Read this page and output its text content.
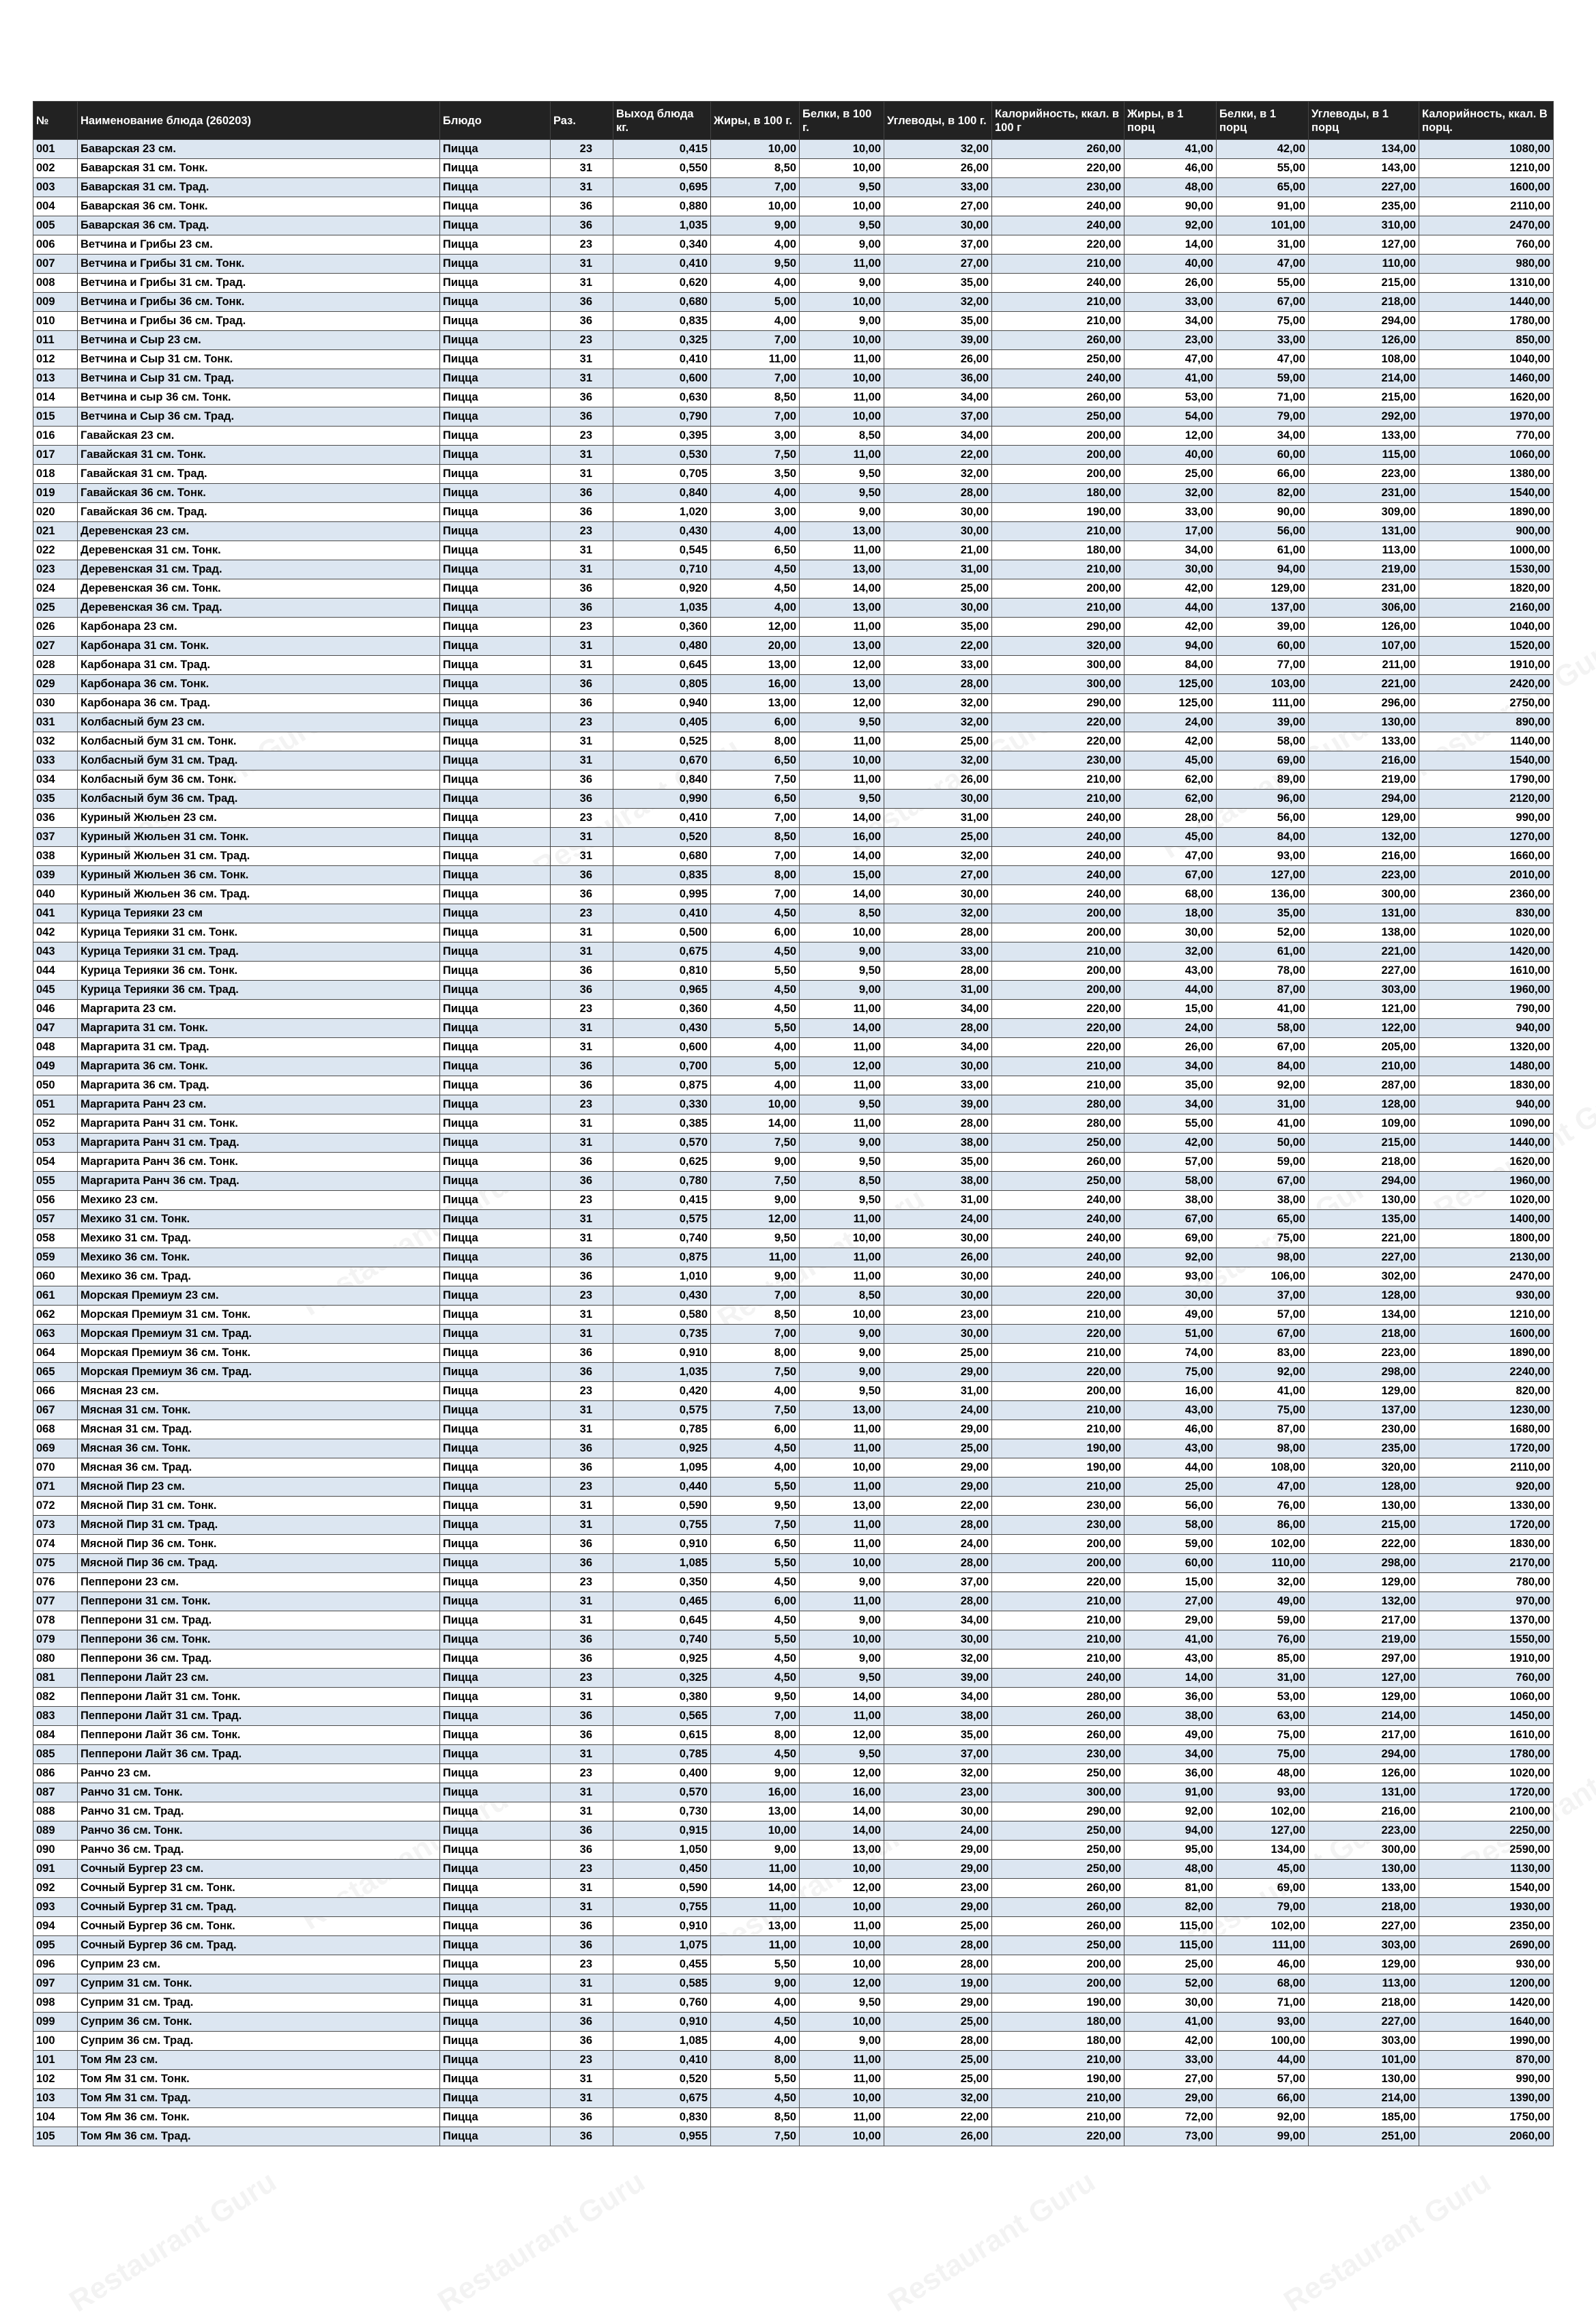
№	Наименование блюда (260203)	Блюдо	Раз.	Выход блюда кг.	Жиры, в 100 г.	Белки, в 100 г.	Углеводы, в 100 г.	Калорийность, ккал. в 100 г	Жиры, в 1 порц	Белки, в 1 порц	Углеводы, в 1 порц	Калорийность, ккал. В порц.
001	Баварская 23 см.	Пицца	23	0,415	10,00	10,00	32,00	260,00	41,00	42,00	134,00	1080,00
002	Баварская 31 см. Тонк.	Пицца	31	0,550	8,50	10,00	26,00	220,00	46,00	55,00	143,00	1210,00
003	Баварская 31 см. Трад.	Пицца	31	0,695	7,00	9,50	33,00	230,00	48,00	65,00	227,00	1600,00
004	Баварская 36 см. Тонк.	Пицца	36	0,880	10,00	10,00	27,00	240,00	90,00	91,00	235,00	2110,00
005	Баварская 36 см. Трад.	Пицца	36	1,035	9,00	9,50	30,00	240,00	92,00	101,00	310,00	2470,00
006	Ветчина и Грибы 23 см.	Пицца	23	0,340	4,00	9,00	37,00	220,00	14,00	31,00	127,00	760,00
007	Ветчина и Грибы 31 см. Тонк.	Пицца	31	0,410	9,50	11,00	27,00	210,00	40,00	47,00	110,00	980,00
008	Ветчина и Грибы 31 см. Трад.	Пицца	31	0,620	4,00	9,00	35,00	240,00	26,00	55,00	215,00	1310,00
009	Ветчина и Грибы 36 см. Тонк.	Пицца	36	0,680	5,00	10,00	32,00	210,00	33,00	67,00	218,00	1440,00
010	Ветчина и Грибы 36 см. Трад.	Пицца	36	0,835	4,00	9,00	35,00	210,00	34,00	75,00	294,00	1780,00
011	Ветчина и Сыр 23 см.	Пицца	23	0,325	7,00	10,00	39,00	260,00	23,00	33,00	126,00	850,00
012	Ветчина и Сыр 31 см. Тонк.	Пицца	31	0,410	11,00	11,00	26,00	250,00	47,00	47,00	108,00	1040,00
013	Ветчина и Сыр 31 см. Трад.	Пицца	31	0,600	7,00	10,00	36,00	240,00	41,00	59,00	214,00	1460,00
014	Ветчина и сыр 36 см. Тонк.	Пицца	36	0,630	8,50	11,00	34,00	260,00	53,00	71,00	215,00	1620,00
015	Ветчина и Сыр 36 см. Трад.	Пицца	36	0,790	7,00	10,00	37,00	250,00	54,00	79,00	292,00	1970,00
016	Гавайская 23 см.	Пицца	23	0,395	3,00	8,50	34,00	200,00	12,00	34,00	133,00	770,00
017	Гавайская 31 см. Тонк.	Пицца	31	0,530	7,50	11,00	22,00	200,00	40,00	60,00	115,00	1060,00
018	Гавайская 31 см. Трад.	Пицца	31	0,705	3,50	9,50	32,00	200,00	25,00	66,00	223,00	1380,00
019	Гавайская 36 см. Тонк.	Пицца	36	0,840	4,00	9,50	28,00	180,00	32,00	82,00	231,00	1540,00
020	Гавайская 36 см. Трад.	Пицца	36	1,020	3,00	9,00	30,00	190,00	33,00	90,00	309,00	1890,00
021	Деревенская 23 см.	Пицца	23	0,430	4,00	13,00	30,00	210,00	17,00	56,00	131,00	900,00
022	Деревенская 31 см. Тонк.	Пицца	31	0,545	6,50	11,00	21,00	180,00	34,00	61,00	113,00	1000,00
023	Деревенская 31 см. Трад.	Пицца	31	0,710	4,50	13,00	31,00	210,00	30,00	94,00	219,00	1530,00
024	Деревенская 36 см. Тонк.	Пицца	36	0,920	4,50	14,00	25,00	200,00	42,00	129,00	231,00	1820,00
025	Деревенская 36 см. Трад.	Пицца	36	1,035	4,00	13,00	30,00	210,00	44,00	137,00	306,00	2160,00
026	Карбонара 23 см.	Пицца	23	0,360	12,00	11,00	35,00	290,00	42,00	39,00	126,00	1040,00
027	Карбонара 31 см. Тонк.	Пицца	31	0,480	20,00	13,00	22,00	320,00	94,00	60,00	107,00	1520,00
028	Карбонара 31 см. Трад.	Пицца	31	0,645	13,00	12,00	33,00	300,00	84,00	77,00	211,00	1910,00
029	Карбонара 36 см. Тонк.	Пицца	36	0,805	16,00	13,00	28,00	300,00	125,00	103,00	221,00	2420,00
030	Карбонара 36 см. Трад.	Пицца	36	0,940	13,00	12,00	32,00	290,00	125,00	111,00	296,00	2750,00
031	Колбасный бум 23 см.	Пицца	23	0,405	6,00	9,50	32,00	220,00	24,00	39,00	130,00	890,00
032	Колбасный бум 31 см. Тонк.	Пицца	31	0,525	8,00	11,00	25,00	220,00	42,00	58,00	133,00	1140,00
033	Колбасный бум 31 см. Трад.	Пицца	31	0,670	6,50	10,00	32,00	230,00	45,00	69,00	216,00	1540,00
034	Колбасный бум 36 см. Тонк.	Пицца	36	0,840	7,50	11,00	26,00	210,00	62,00	89,00	219,00	1790,00
035	Колбасный бум 36 см. Трад.	Пицца	36	0,990	6,50	9,50	30,00	210,00	62,00	96,00	294,00	2120,00
036	Куриный Жюльен 23 см.	Пицца	23	0,410	7,00	14,00	31,00	240,00	28,00	56,00	129,00	990,00
037	Куриный Жюльен 31 см. Тонк.	Пицца	31	0,520	8,50	16,00	25,00	240,00	45,00	84,00	132,00	1270,00
038	Куриный Жюльен 31 см. Трад.	Пицца	31	0,680	7,00	14,00	32,00	240,00	47,00	93,00	216,00	1660,00
039	Куриный Жюльен 36 см. Тонк.	Пицца	36	0,835	8,00	15,00	27,00	240,00	67,00	127,00	223,00	2010,00
040	Куриный Жюльен 36 см. Трад.	Пицца	36	0,995	7,00	14,00	30,00	240,00	68,00	136,00	300,00	2360,00
041	Курица Терияки 23 см	Пицца	23	0,410	4,50	8,50	32,00	200,00	18,00	35,00	131,00	830,00
042	Курица Терияки 31 см. Тонк.	Пицца	31	0,500	6,00	10,00	28,00	200,00	30,00	52,00	138,00	1020,00
043	Курица Терияки 31 см. Трад.	Пицца	31	0,675	4,50	9,00	33,00	210,00	32,00	61,00	221,00	1420,00
044	Курица Терияки 36 см. Тонк.	Пицца	36	0,810	5,50	9,50	28,00	200,00	43,00	78,00	227,00	1610,00
045	Курица Терияки 36 см. Трад.	Пицца	36	0,965	4,50	9,00	31,00	200,00	44,00	87,00	303,00	1960,00
046	Маргарита 23 см.	Пицца	23	0,360	4,50	11,00	34,00	220,00	15,00	41,00	121,00	790,00
047	Маргарита 31 см. Тонк.	Пицца	31	0,430	5,50	14,00	28,00	220,00	24,00	58,00	122,00	940,00
048	Маргарита 31 см. Трад.	Пицца	31	0,600	4,00	11,00	34,00	220,00	26,00	67,00	205,00	1320,00
049	Маргарита 36 см. Тонк.	Пицца	36	0,700	5,00	12,00	30,00	210,00	34,00	84,00	210,00	1480,00
050	Маргарита 36 см. Трад.	Пицца	36	0,875	4,00	11,00	33,00	210,00	35,00	92,00	287,00	1830,00
051	Маргарита Ранч 23 см.	Пицца	23	0,330	10,00	9,50	39,00	280,00	34,00	31,00	128,00	940,00
052	Маргарита Ранч 31 см. Тонк.	Пицца	31	0,385	14,00	11,00	28,00	280,00	55,00	41,00	109,00	1090,00
053	Маргарита Ранч 31 см. Трад.	Пицца	31	0,570	7,50	9,00	38,00	250,00	42,00	50,00	215,00	1440,00
054	Маргарита Ранч 36 см. Тонк.	Пицца	36	0,625	9,00	9,50	35,00	260,00	57,00	59,00	218,00	1620,00
055	Маргарита Ранч 36 см. Трад.	Пицца	36	0,780	7,50	8,50	38,00	250,00	58,00	67,00	294,00	1960,00
056	Мехико 23 см.	Пицца	23	0,415	9,00	9,50	31,00	240,00	38,00	38,00	130,00	1020,00
057	Мехико 31 см. Тонк.	Пицца	31	0,575	12,00	11,00	24,00	240,00	67,00	65,00	135,00	1400,00
058	Мехико 31 см. Трад.	Пицца	31	0,740	9,50	10,00	30,00	240,00	69,00	75,00	221,00	1800,00
059	Мехико 36 см. Тонк.	Пицца	36	0,875	11,00	11,00	26,00	240,00	92,00	98,00	227,00	2130,00
060	Мехико 36 см. Трад.	Пицца	36	1,010	9,00	11,00	30,00	240,00	93,00	106,00	302,00	2470,00
061	Морская Премиум 23 см.	Пицца	23	0,430	7,00	8,50	30,00	220,00	30,00	37,00	128,00	930,00
062	Морская Премиум 31 см. Тонк.	Пицца	31	0,580	8,50	10,00	23,00	210,00	49,00	57,00	134,00	1210,00
063	Морская Премиум 31 см. Трад.	Пицца	31	0,735	7,00	9,00	30,00	220,00	51,00	67,00	218,00	1600,00
064	Морская Премиум 36 см. Тонк.	Пицца	36	0,910	8,00	9,00	25,00	210,00	74,00	83,00	223,00	1890,00
065	Морская Премиум 36 см. Трад.	Пицца	36	1,035	7,50	9,00	29,00	220,00	75,00	92,00	298,00	2240,00
066	Мясная 23 см.	Пицца	23	0,420	4,00	9,50	31,00	200,00	16,00	41,00	129,00	820,00
067	Мясная 31 см. Тонк.	Пицца	31	0,575	7,50	13,00	24,00	210,00	43,00	75,00	137,00	1230,00
068	Мясная 31 см. Трад.	Пицца	31	0,785	6,00	11,00	29,00	210,00	46,00	87,00	230,00	1680,00
069	Мясная 36 см. Тонк.	Пицца	36	0,925	4,50	11,00	25,00	190,00	43,00	98,00	235,00	1720,00
070	Мясная 36 см. Трад.	Пицца	36	1,095	4,00	10,00	29,00	190,00	44,00	108,00	320,00	2110,00
071	Мясной Пир 23 см.	Пицца	23	0,440	5,50	11,00	29,00	210,00	25,00	47,00	128,00	920,00
072	Мясной Пир 31 см. Тонк.	Пицца	31	0,590	9,50	13,00	22,00	230,00	56,00	76,00	130,00	1330,00
073	Мясной Пир 31 см. Трад.	Пицца	31	0,755	7,50	11,00	28,00	230,00	58,00	86,00	215,00	1720,00
074	Мясной Пир 36 см. Тонк.	Пицца	36	0,910	6,50	11,00	24,00	200,00	59,00	102,00	222,00	1830,00
075	Мясной Пир 36 см. Трад.	Пицца	36	1,085	5,50	10,00	28,00	200,00	60,00	110,00	298,00	2170,00
076	Пепперони 23 см.	Пицца	23	0,350	4,50	9,00	37,00	220,00	15,00	32,00	129,00	780,00
077	Пепперони 31 см. Тонк.	Пицца	31	0,465	6,00	11,00	28,00	210,00	27,00	49,00	132,00	970,00
078	Пепперони 31 см. Трад.	Пицца	31	0,645	4,50	9,00	34,00	210,00	29,00	59,00	217,00	1370,00
079	Пепперони 36 см. Тонк.	Пицца	36	0,740	5,50	10,00	30,00	210,00	41,00	76,00	219,00	1550,00
080	Пепперони 36 см. Трад.	Пицца	36	0,925	4,50	9,00	32,00	210,00	43,00	85,00	297,00	1910,00
081	Пепперони Лайт 23 см.	Пицца	23	0,325	4,50	9,50	39,00	240,00	14,00	31,00	127,00	760,00
082	Пепперони Лайт 31 см. Тонк.	Пицца	31	0,380	9,50	14,00	34,00	280,00	36,00	53,00	129,00	1060,00
083	Пепперони Лайт 31 см. Трад.	Пицца	36	0,565	7,00	11,00	38,00	260,00	38,00	63,00	214,00	1450,00
084	Пепперони Лайт 36 см. Тонк.	Пицца	36	0,615	8,00	12,00	35,00	260,00	49,00	75,00	217,00	1610,00
085	Пепперони Лайт 36 см. Трад.	Пицца	31	0,785	4,50	9,50	37,00	230,00	34,00	75,00	294,00	1780,00
086	Ранчо 23 см.	Пицца	23	0,400	9,00	12,00	32,00	250,00	36,00	48,00	126,00	1020,00
087	Ранчо 31 см. Тонк.	Пицца	31	0,570	16,00	16,00	23,00	300,00	91,00	93,00	131,00	1720,00
088	Ранчо 31 см. Трад.	Пицца	31	0,730	13,00	14,00	30,00	290,00	92,00	102,00	216,00	2100,00
089	Ранчо 36 см. Тонк.	Пицца	36	0,915	10,00	14,00	24,00	250,00	94,00	127,00	223,00	2250,00
090	Ранчо 36 см. Трад.	Пицца	36	1,050	9,00	13,00	29,00	250,00	95,00	134,00	300,00	2590,00
091	Сочный Бургер 23 см.	Пицца	23	0,450	11,00	10,00	29,00	250,00	48,00	45,00	130,00	1130,00
092	Сочный Бургер 31 см. Тонк.	Пицца	31	0,590	14,00	12,00	23,00	260,00	81,00	69,00	133,00	1540,00
093	Сочный Бургер 31 см. Трад.	Пицца	31	0,755	11,00	10,00	29,00	260,00	82,00	79,00	218,00	1930,00
094	Сочный Бургер 36 см. Тонк.	Пицца	36	0,910	13,00	11,00	25,00	260,00	115,00	102,00	227,00	2350,00
095	Сочный Бургер 36 см. Трад.	Пицца	36	1,075	11,00	10,00	28,00	250,00	115,00	111,00	303,00	2690,00
096	Суприм 23 см.	Пицца	23	0,455	5,50	10,00	28,00	200,00	25,00	46,00	129,00	930,00
097	Суприм 31 см. Тонк.	Пицца	31	0,585	9,00	12,00	19,00	200,00	52,00	68,00	113,00	1200,00
098	Суприм 31 см. Трад.	Пицца	31	0,760	4,00	9,50	29,00	190,00	30,00	71,00	218,00	1420,00
099	Суприм 36 см. Тонк.	Пицца	36	0,910	4,50	10,00	25,00	180,00	41,00	93,00	227,00	1640,00
100	Суприм 36 см. Трад.	Пицца	36	1,085	4,00	9,00	28,00	180,00	42,00	100,00	303,00	1990,00
101	Том Ям 23 см.	Пицца	23	0,410	8,00	11,00	25,00	210,00	33,00	44,00	101,00	870,00
102	Том Ям 31 см. Тонк.	Пицца	31	0,520	5,50	11,00	25,00	190,00	27,00	57,00	130,00	990,00
103	Том Ям 31 см. Трад.	Пицца	31	0,675	4,50	10,00	32,00	210,00	29,00	66,00	214,00	1390,00
104	Том Ям 36 см. Тонк.	Пицца	36	0,830	8,50	11,00	22,00	210,00	72,00	92,00	185,00	1750,00
105	Том Ям 36 см. Трад.	Пицца	36	0,955	7,50	10,00	26,00	220,00	73,00	99,00	251,00	2060,00
